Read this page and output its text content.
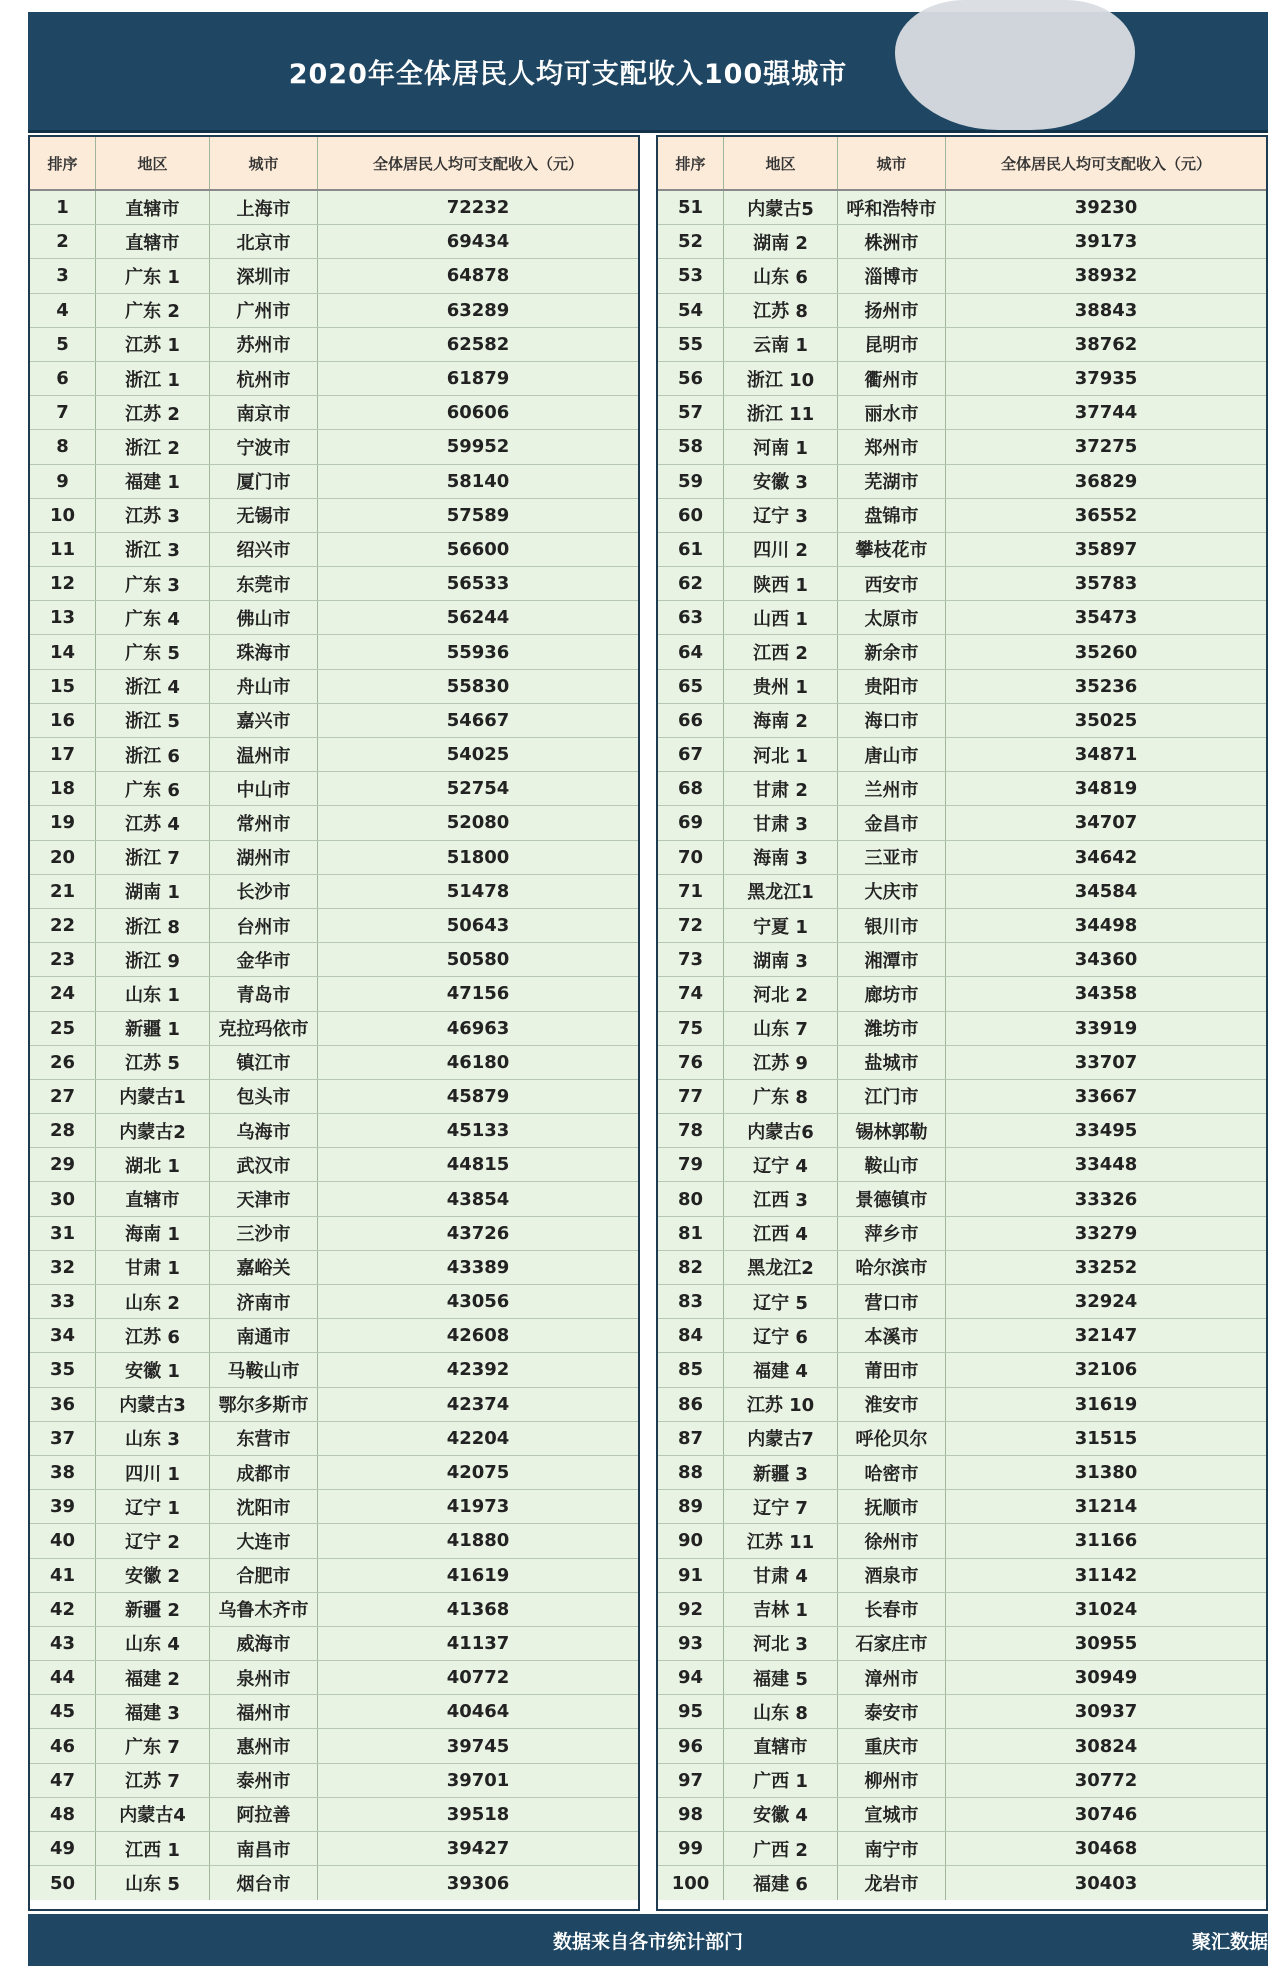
2020年全体居民人均可支配收入100强城市
排序	地区	城市	全体居民人均可支配收入（元）
1	直辖市	上海市	72232
2	直辖市	北京市	69434
3	广东 1	深圳市	64878
4	广东 2	广州市	63289
5	江苏 1	苏州市	62582
6	浙江 1	杭州市	61879
7	江苏 2	南京市	60606
8	浙江 2	宁波市	59952
9	福建 1	厦门市	58140
10	江苏 3	无锡市	57589
11	浙江 3	绍兴市	56600
12	广东 3	东莞市	56533
13	广东 4	佛山市	56244
14	广东 5	珠海市	55936
15	浙江 4	舟山市	55830
16	浙江 5	嘉兴市	54667
17	浙江 6	温州市	54025
18	广东 6	中山市	52754
19	江苏 4	常州市	52080
20	浙江 7	湖州市	51800
21	湖南 1	长沙市	51478
22	浙江 8	台州市	50643
23	浙江 9	金华市	50580
24	山东 1	青岛市	47156
25	新疆 1	克拉玛依市	46963
26	江苏 5	镇江市	46180
27	内蒙古1	包头市	45879
28	内蒙古2	乌海市	45133
29	湖北 1	武汉市	44815
30	直辖市	天津市	43854
31	海南 1	三沙市	43726
32	甘肃 1	嘉峪关	43389
33	山东 2	济南市	43056
34	江苏 6	南通市	42608
35	安徽 1	马鞍山市	42392
36	内蒙古3	鄂尔多斯市	42374
37	山东 3	东营市	42204
38	四川 1	成都市	42075
39	辽宁 1	沈阳市	41973
40	辽宁 2	大连市	41880
41	安徽 2	合肥市	41619
42	新疆 2	乌鲁木齐市	41368
43	山东 4	威海市	41137
44	福建 2	泉州市	40772
45	福建 3	福州市	40464
46	广东 7	惠州市	39745
47	江苏 7	泰州市	39701
48	内蒙古4	阿拉善	39518
49	江西 1	南昌市	39427
50	山东 5	烟台市	39306
排序	地区	城市	全体居民人均可支配收入（元）
51	内蒙古5	呼和浩特市	39230
52	湖南 2	株洲市	39173
53	山东 6	淄博市	38932
54	江苏 8	扬州市	38843
55	云南 1	昆明市	38762
56	浙江 10	衢州市	37935
57	浙江 11	丽水市	37744
58	河南 1	郑州市	37275
59	安徽 3	芜湖市	36829
60	辽宁 3	盘锦市	36552
61	四川 2	攀枝花市	35897
62	陕西 1	西安市	35783
63	山西 1	太原市	35473
64	江西 2	新余市	35260
65	贵州 1	贵阳市	35236
66	海南 2	海口市	35025
67	河北 1	唐山市	34871
68	甘肃 2	兰州市	34819
69	甘肃 3	金昌市	34707
70	海南 3	三亚市	34642
71	黑龙江1	大庆市	34584
72	宁夏 1	银川市	34498
73	湖南 3	湘潭市	34360
74	河北 2	廊坊市	34358
75	山东 7	潍坊市	33919
76	江苏 9	盐城市	33707
77	广东 8	江门市	33667
78	内蒙古6	锡林郭勒	33495
79	辽宁 4	鞍山市	33448
80	江西 3	景德镇市	33326
81	江西 4	萍乡市	33279
82	黑龙江2	哈尔滨市	33252
83	辽宁 5	营口市	32924
84	辽宁 6	本溪市	32147
85	福建 4	莆田市	32106
86	江苏 10	淮安市	31619
87	内蒙古7	呼伦贝尔	31515
88	新疆 3	哈密市	31380
89	辽宁 7	抚顺市	31214
90	江苏 11	徐州市	31166
91	甘肃 4	酒泉市	31142
92	吉林 1	长春市	31024
93	河北 3	石家庄市	30955
94	福建 5	漳州市	30949
95	山东 8	泰安市	30937
96	直辖市	重庆市	30824
97	广西 1	柳州市	30772
98	安徽 4	宣城市	30746
99	广西 2	南宁市	30468
100	福建 6	龙岩市	30403
数据来自各市统计部门	聚汇数据
